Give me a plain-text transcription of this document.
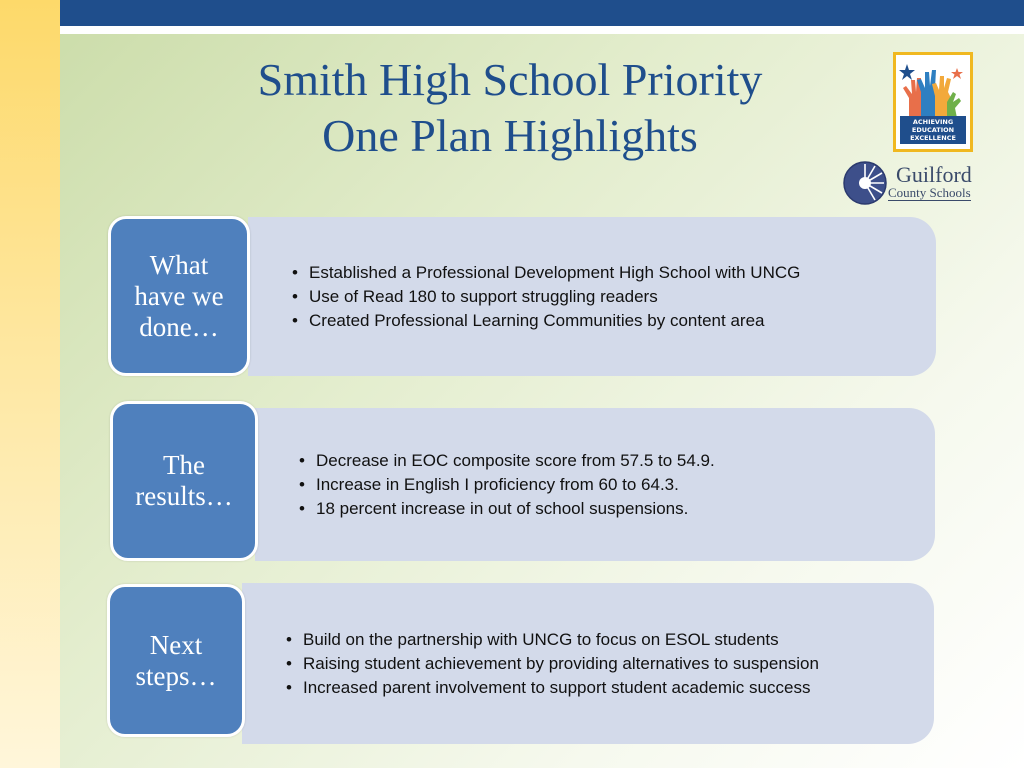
Smith High School Priority
One Plan Highlights	ACHIEVING
EDUCATION
EXCELLENCE
Guilford
County Schools
• Established a Professional Development High School with UNCG
• Use of Read 180 to support struggling readers
• Created Professional Learning Communities by content area
What have we done…
• Decrease in EOC composite score from 57.5 to 54.9.
• Increase in English I proficiency from 60 to 64.3.
• 18 percent increase in out of school suspensions.
The results…
• Build on the partnership with UNCG to focus on ESOL students
• Raising student achievement by providing alternatives to suspension
• Increased parent involvement to support student academic success
Next steps…
